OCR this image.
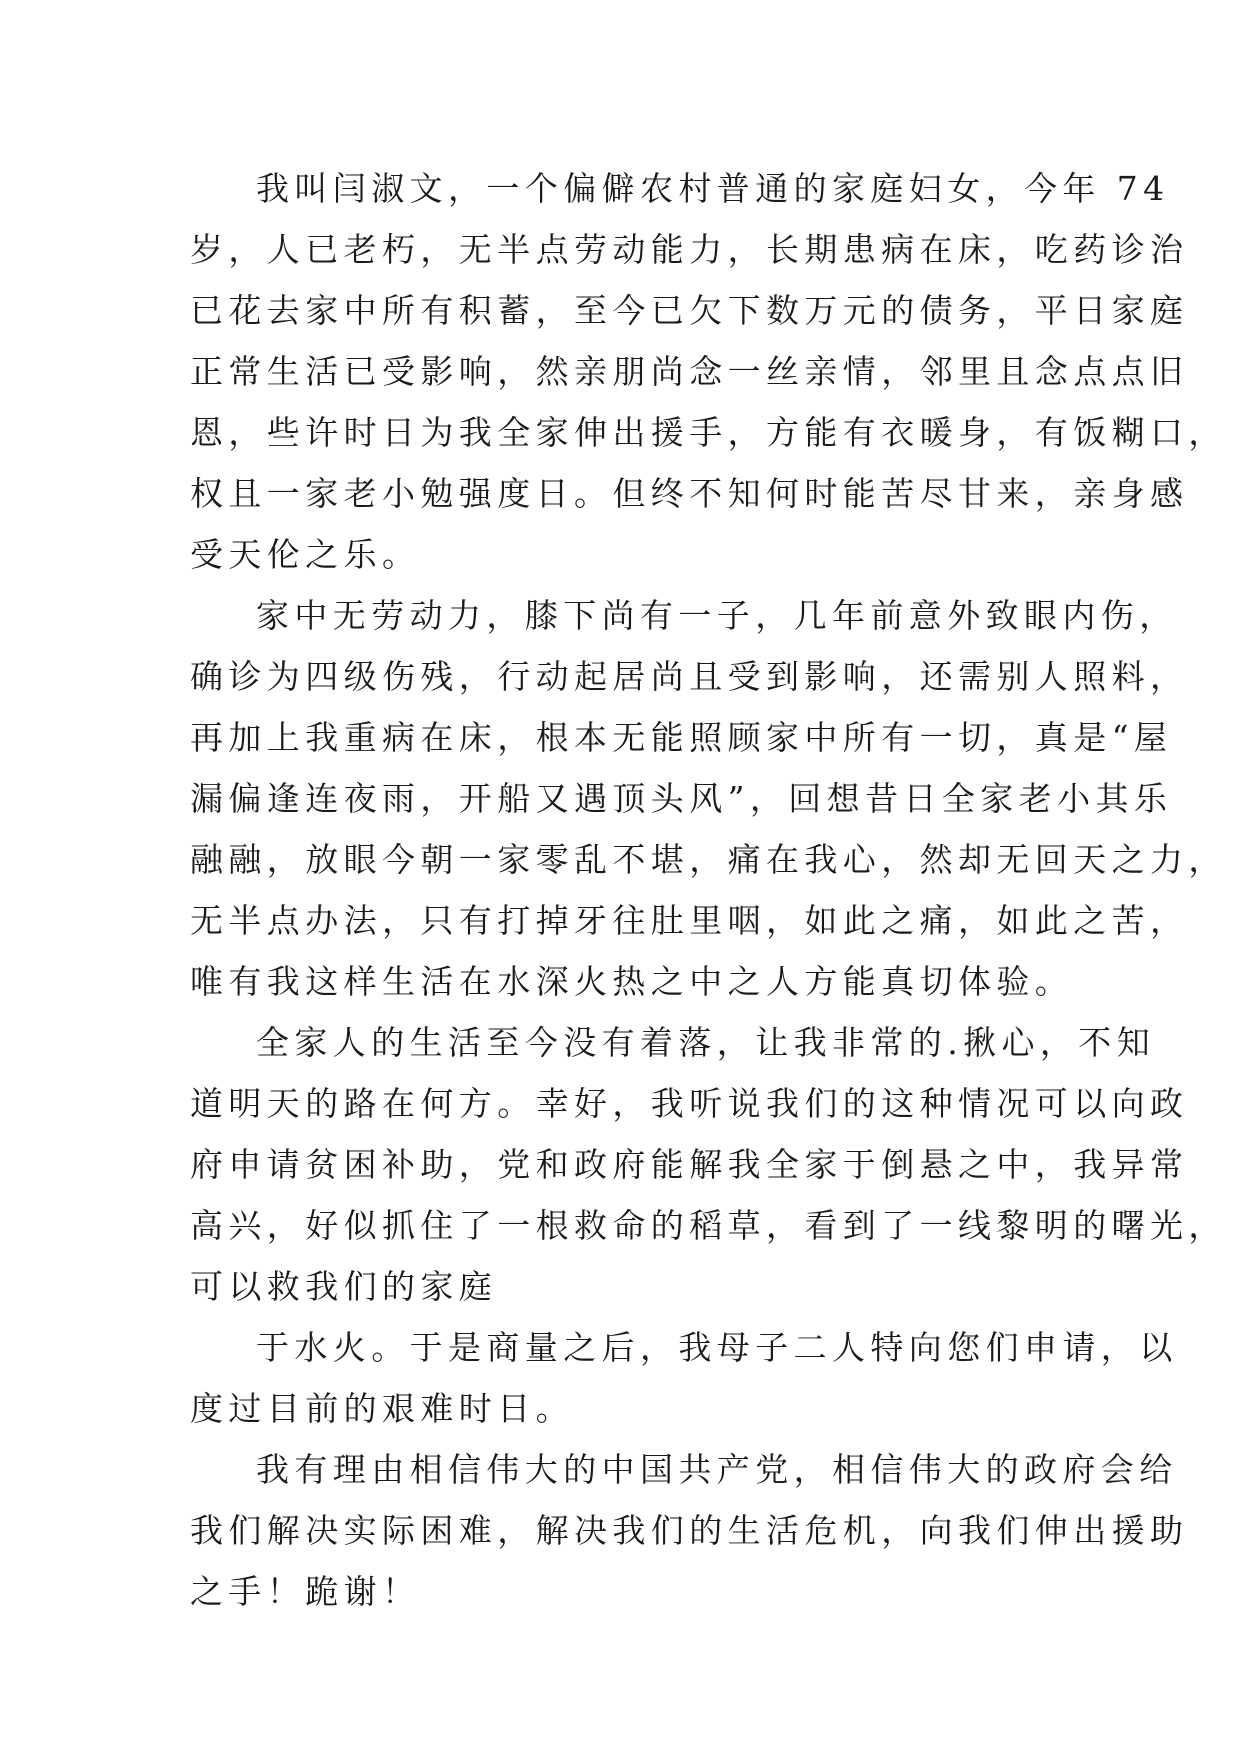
我叫闫淑文，一个偏僻农村普通的家庭妇女，今年 74
岁，人已老朽，无半点劳动能力，长期患病在床，吃药诊治
已花去家中所有积蓄，至今已欠下数万元的债务，平日家庭
正常生活已受影响，然亲朋尚念一丝亲情，邻里且念点点旧
恩，些许时日为我全家伸出援手，方能有衣暖身，有饭糊口，
权且一家老小勉强度日。但终不知何时能苦尽甘来，亲身感
受天伦之乐。
家中无劳动力，膝下尚有一子，几年前意外致眼内伤，
确诊为四级伤残，行动起居尚且受到影响，还需别人照料，
再加上我重病在床，根本无能照顾家中所有一切，真是“屋
漏偏逢连夜雨，开船又遇顶头风”，回想昔日全家老小其乐
融融，放眼今朝一家零乱不堪，痛在我心，然却无回天之力，
无半点办法，只有打掉牙往肚里咽，如此之痛，如此之苦，
唯有我这样生活在水深火热之中之人方能真切体验。
全家人的生活至今没有着落，让我非常的.揪心，不知
道明天的路在何方。幸好，我听说我们的这种情况可以向政
府申请贫困补助，党和政府能解我全家于倒悬之中，我异常
高兴，好似抓住了一根救命的稻草，看到了一线黎明的曙光，
可以救我们的家庭
于水火。于是商量之后，我母子二人特向您们申请，以
度过目前的艰难时日。
我有理由相信伟大的中国共产党，相信伟大的政府会给
我们解决实际困难，解决我们的生活危机，向我们伸出援助
之手！跪谢！
